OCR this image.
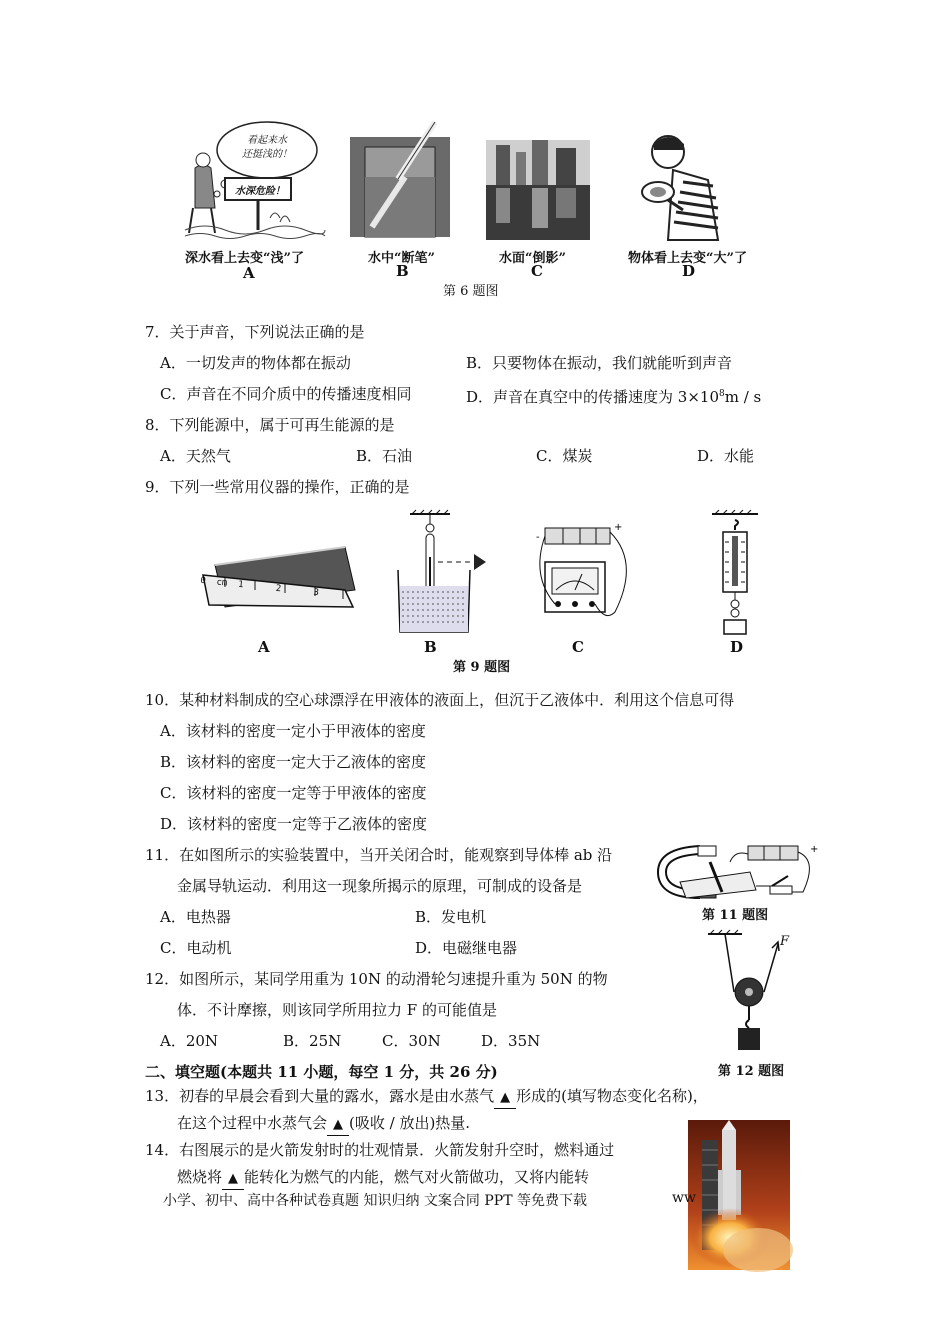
看起来水
还挺浅的！
水深危险！
深水看上去变“浅”了	水中“断笔”	水面“倒影”	物体看上去变“大”了
A	B	C	D
第 6 题图
7．关于声音，下列说法正确的是
A．一切发声的物体都在振动	B．只要物体在振动，我们就能听到声音
C．声音在不同介质中的传播速度相同	D．声音在真空中的传播速度为 $3\times 10^8m / s$
8．下列能源中，属于可再生能源的是
A．天然气	B．石油	C．煤炭	D．水能
9．下列一些常用仪器的操作，正确的是
0  cm  1      2      3
+
-
A	B	C	D
第 9 题图
10．某种材料制成的空心球漂浮在甲液体的液面上，但沉于乙液体中．利用这个信息可得
A．该材料的密度一定小于甲液体的密度
B．该材料的密度一定大于乙液体的密度
C．该材料的密度一定等于甲液体的密度
D．该材料的密度一定等于乙液体的密度
11．在如图所示的实验装置中，当开关闭合时，能观察到导体棒 ab 沿
金属导轨运动．利用这一现象所揭示的原理，可制成的设备是
A．电热器	B．发电机
C．电动机	D．电磁继电器
+
第 11 题图
12．如图所示，某同学用重为 10N 的动滑轮匀速提升重为 50N 的物
体．不计摩擦，则该同学所用拉力 F 的可能值是
A．20N	B．25N	C．30N	D．35N
F
第 12 题图
二、填空题(本题共 11 小题，每空 1 分，共 26 分)
13．初春的早晨会看到大量的露水，露水是由水蒸气 ▲ 形成的(填写物态变化名称)，
在这个过程中水蒸气会 ▲ (吸收 / 放出)热量.
14．右图展示的是火箭发射时的壮观情景．火箭发射升空时，燃料通过
燃烧将 ▲ 能转化为燃气的内能，燃气对火箭做功，又将内能转
小学、初中、高中各种试卷真题 知识归纳 文案合同 PPT 等免费下载	ww
